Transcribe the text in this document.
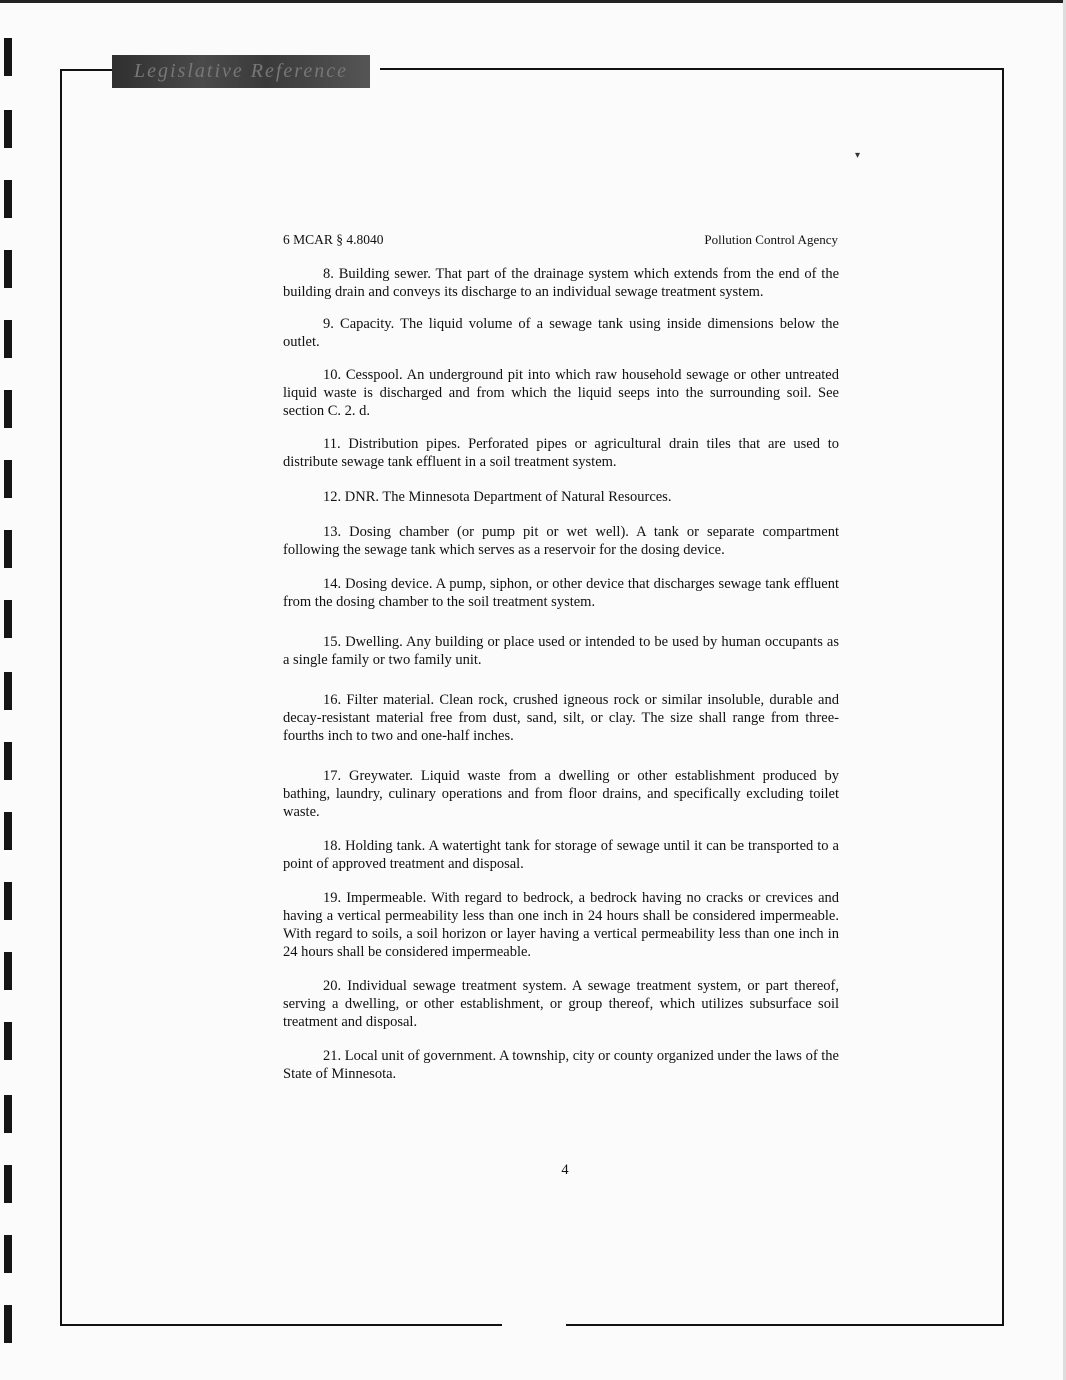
Legislative Reference
▾
6 MCAR § 4.8040	Pollution Control Agency

8. Building sewer. That part of the drainage system which extends from the end of the building drain and conveys its discharge to an individual sewage treatment system.

9. Capacity. The liquid volume of a sewage tank using inside dimensions below the outlet.

10. Cesspool. An underground pit into which raw household sewage or other untreated liquid waste is discharged and from which the liquid seeps into the surrounding soil. See section C. 2. d.

11. Distribution pipes. Perforated pipes or agricultural drain tiles that are used to distribute sewage tank effluent in a soil treatment system.

12. DNR. The Minnesota Department of Natural Resources.

13. Dosing chamber (or pump pit or wet well). A tank or separate compartment following the sewage tank which serves as a reservoir for the dosing device.

14. Dosing device. A pump, siphon, or other device that discharges sewage tank effluent from the dosing chamber to the soil treatment system.

15. Dwelling. Any building or place used or intended to be used by human occupants as a single family or two family unit.

16. Filter material. Clean rock, crushed igneous rock or similar insoluble, durable and decay-resistant material free from dust, sand, silt, or clay. The size shall range from three-fourths inch to two and one-half inches.

17. Greywater. Liquid waste from a dwelling or other establishment produced by bathing, laundry, culinary operations and from floor drains, and specifically excluding toilet waste.

18. Holding tank. A watertight tank for storage of sewage until it can be transported to a point of approved treatment and disposal.

19. Impermeable. With regard to bedrock, a bedrock having no cracks or crevices and having a vertical permeability less than one inch in 24 hours shall be considered impermeable. With regard to soils, a soil horizon or layer having a vertical permeability less than one inch in 24 hours shall be considered impermeable.

20. Individual sewage treatment system. A sewage treatment system, or part thereof, serving a dwelling, or other establishment, or group thereof, which utilizes subsurface soil treatment and disposal.

21. Local unit of government. A township, city or county organized under the laws of the State of Minnesota.

4
